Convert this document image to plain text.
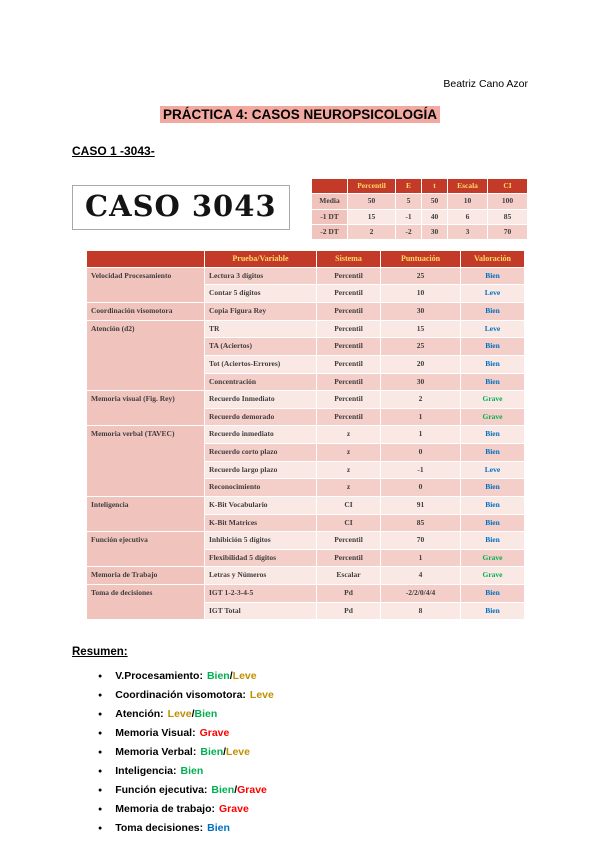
Beatriz Cano Azor
PRÁCTICA 4: CASOS NEUROPSICOLOGÍA
CASO 1 -3043-
CASO 3043
	Percentil	E	t	Escala	CI
Media	50	5	50	10	100
-1 DT	15	-1	40	6	85
-2 DT	2	-2	30	3	70
	Prueba/Variable	Sistema	Puntuación	Valoración
Velocidad Procesamiento	Lectura 3 dígitos	Percentil	25	Bien
	Contar 5 dígitos	Percentil	10	Leve
Coordinación visomotora	Copia Figura Rey	Percentil	30	Bien
Atención (d2)	TR	Percentil	15	Leve
	TA (Aciertos)	Percentil	25	Bien
	Tot (Aciertos-Errores)	Percentil	20	Bien
	Concentración	Percentil	30	Bien
Memoria visual (Fig. Rey)	Recuerdo Inmediato	Percentil	2	Grave
	Recuerdo demorado	Percentil	1	Grave
Memoria verbal (TAVEC)	Recuerdo inmediato	z	1	Bien
	Recuerdo corto plazo	z	0	Bien
	Recuerdo largo plazo	z	-1	Leve
	Reconocimiento	z	0	Bien
Inteligencia	K-Bit Vocabulario	CI	91	Bien
	K-Bit Matrices	CI	85	Bien
Función ejecutiva	Inhibición 5 dígitos	Percentil	70	Bien
	Flexibilidad 5 dígitos	Percentil	1	Grave
Memoria de Trabajo	Letras y Números	Escalar	4	Grave
Toma de decisiones	IGT 1-2-3-4-5	Pd	-2/2/0/4/4	Bien
	IGT Total	Pd	8	Bien
Resumen:
● V.Procesamiento: Bien / Leve
● Coordinación visomotora: Leve
● Atención: Leve / Bien
● Memoria Visual: Grave
● Memoria Verbal: Bien / Leve
● Inteligencia: Bien
● Función ejecutiva: Bien / Grave
● Memoria de trabajo: Grave
● Toma decisiones: Bien
